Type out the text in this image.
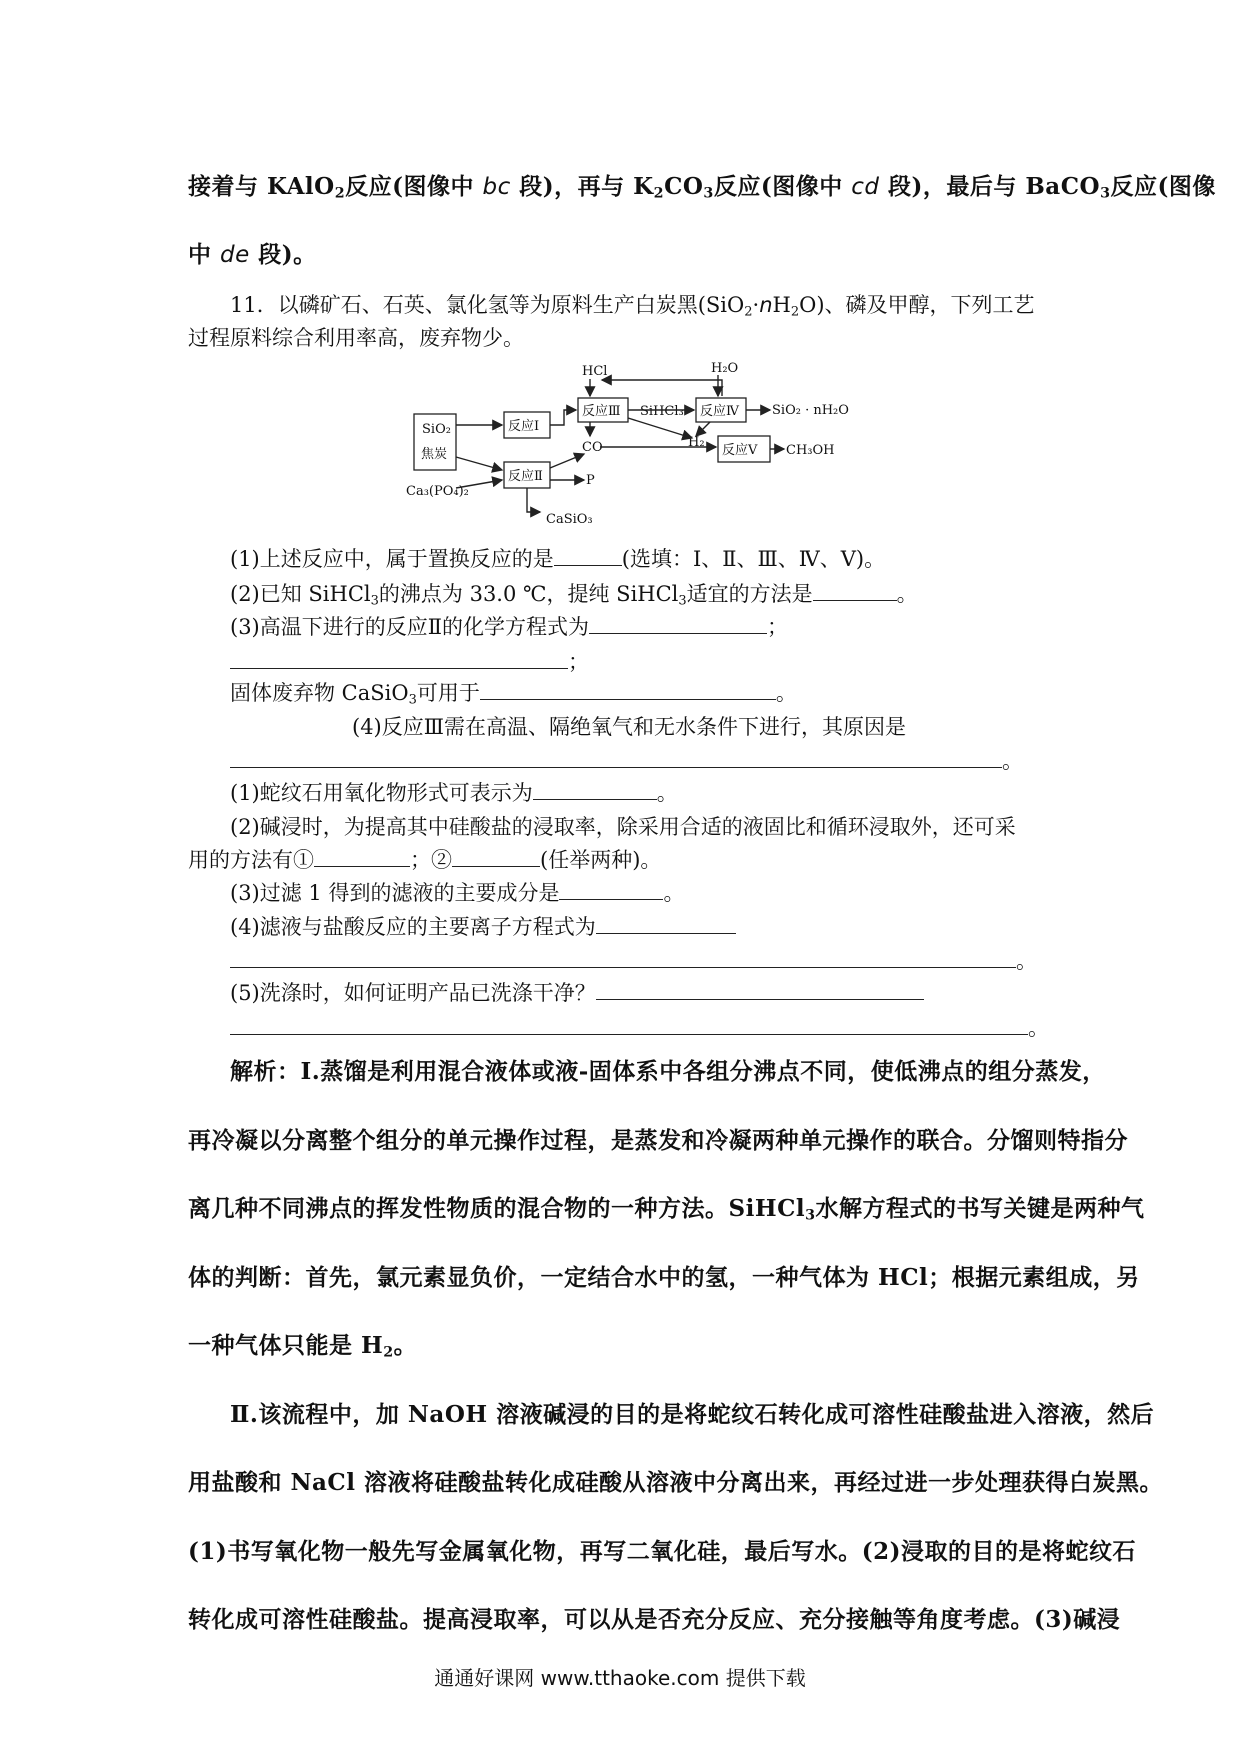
接着与 KAlO$_2$反应(图像中 bc 段)，再与 $K_2CO_3$反应(图像中 cd 段)，最后与 BaCO$_3$反应(图像
中 de 段)。
11．以磷矿石、石英、氯化氢等为原料生产白炭黑$(SiO_2\cdot nH_2O)$、磷及甲醇，下列工艺
过程原料综合利用率高，废弃物少。
SiO₂
焦炭
Ca₃(PO₄)₂
反应Ⅰ
反应Ⅱ
反应Ⅲ	反应Ⅳ
反应Ⅴ
HCl	H₂O
SiHCl₃	SiO₂ · nH₂O
CO	H₂
CH₃OH
P
CaSiO₃
(1)上述反应中，属于置换反应的是	(选填：Ⅰ、Ⅱ、Ⅲ、Ⅳ、Ⅴ)。
(2)已知 SiHCl$_3$的沸点为 33.0 ℃，提纯 SiHCl$_3$适宜的方法是	。
(3)高温下进行的反应Ⅱ的化学方程式为	；
；
固体废弃物 CaSiO$_3$可用于	。
(4)反应Ⅲ需在高温、隔绝氧气和无水条件下进行，其原因是
。
(1)蛇纹石用氧化物形式可表示为	。
(2)碱浸时，为提高其中硅酸盐的浸取率，除采用合适的液固比和循环浸取外，还可采
用的方法有①	；②	(任举两种)。
(3)过滤 1 得到的滤液的主要成分是	。
(4)滤液与盐酸反应的主要离子方程式为
。
(5)洗涤时，如何证明产品已洗涤干净？
。
解析：Ⅰ.蒸馏是利用混合液体或液-固体系中各组分沸点不同，使低沸点的组分蒸发，
再冷凝以分离整个组分的单元操作过程，是蒸发和冷凝两种单元操作的联合。分馏则特指分
离几种不同沸点的挥发性物质的混合物的一种方法。SiHCl$_3$水解方程式的书写关键是两种气
体的判断：首先，氯元素显负价，一定结合水中的氢，一种气体为 HCl；根据元素组成，另
一种气体只能是 $H_2$。
Ⅱ.该流程中，加 NaOH 溶液碱浸的目的是将蛇纹石转化成可溶性硅酸盐进入溶液，然后
用盐酸和 NaCl 溶液将硅酸盐转化成硅酸从溶液中分离出来，再经过进一步处理获得白炭黑。
(1)书写氧化物一般先写金属氧化物，再写二氧化硅，最后写水。(2)浸取的目的是将蛇纹石
转化成可溶性硅酸盐。提高浸取率，可以从是否充分反应、充分接触等角度考虑。(3)碱浸
通通好课网 www.tthaoke.com 提供下载
